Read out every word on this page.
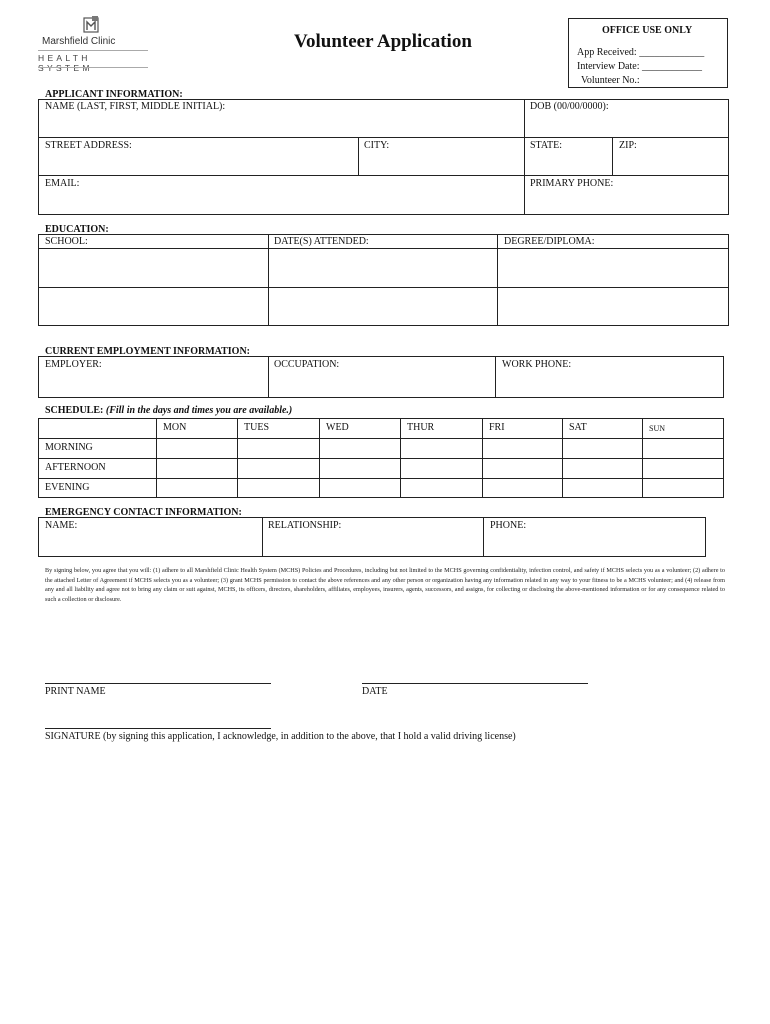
Marshfield Clinic
HEALTH SYSTEM
Volunteer Application
OFFICE USE ONLY
App Received: _____________
Interview Date: ____________
Volunteer No.:
APPLICANT INFORMATION:
NAME (LAST, FIRST, MIDDLE INITIAL):	DOB (00/00/0000):
STREET ADDRESS:	CITY:	STATE:	ZIP:
EMAIL:	PRIMARY PHONE:
EDUCATION:
SCHOOL:	DATE(S) ATTENDED:	DEGREE/DIPLOMA:
CURRENT EMPLOYMENT INFORMATION:
EMPLOYER:	OCCUPATION:	WORK PHONE:
SCHEDULE: (Fill in the days and times you are available.)
MON	TUES	WED	THUR	FRI	SAT	SUN
MORNING
AFTERNOON
EVENING
EMERGENCY CONTACT INFORMATION:
NAME:	RELATIONSHIP:	PHONE:
By signing below, you agree that you will: (1) adhere to all Marshfield Clinic Health System (MCHS) Policies and Procedures, including but not limited to the MCHS governing confidentiality, infection control, and safety if MCHS selects you as a volunteer; (2) adhere to the attached Letter of Agreement if MCHS selects you as a volunteer; (3) grant MCHS permission to contact the above references and any other person or organization having any information related in any way to your fitness to be a MCHS volunteer; and (4) release from any and all liability and agree not to bring any claim or suit against, MCHS, its officers, directors, shareholders, affiliates, employees, insurers, agents, successors, and assigns, for collecting or disclosing the above-mentioned information or for any consequence related to such a collection or disclosure.
PRINT NAME	DATE
SIGNATURE (by signing this application, I acknowledge, in addition to the above, that I hold a valid driving license)
